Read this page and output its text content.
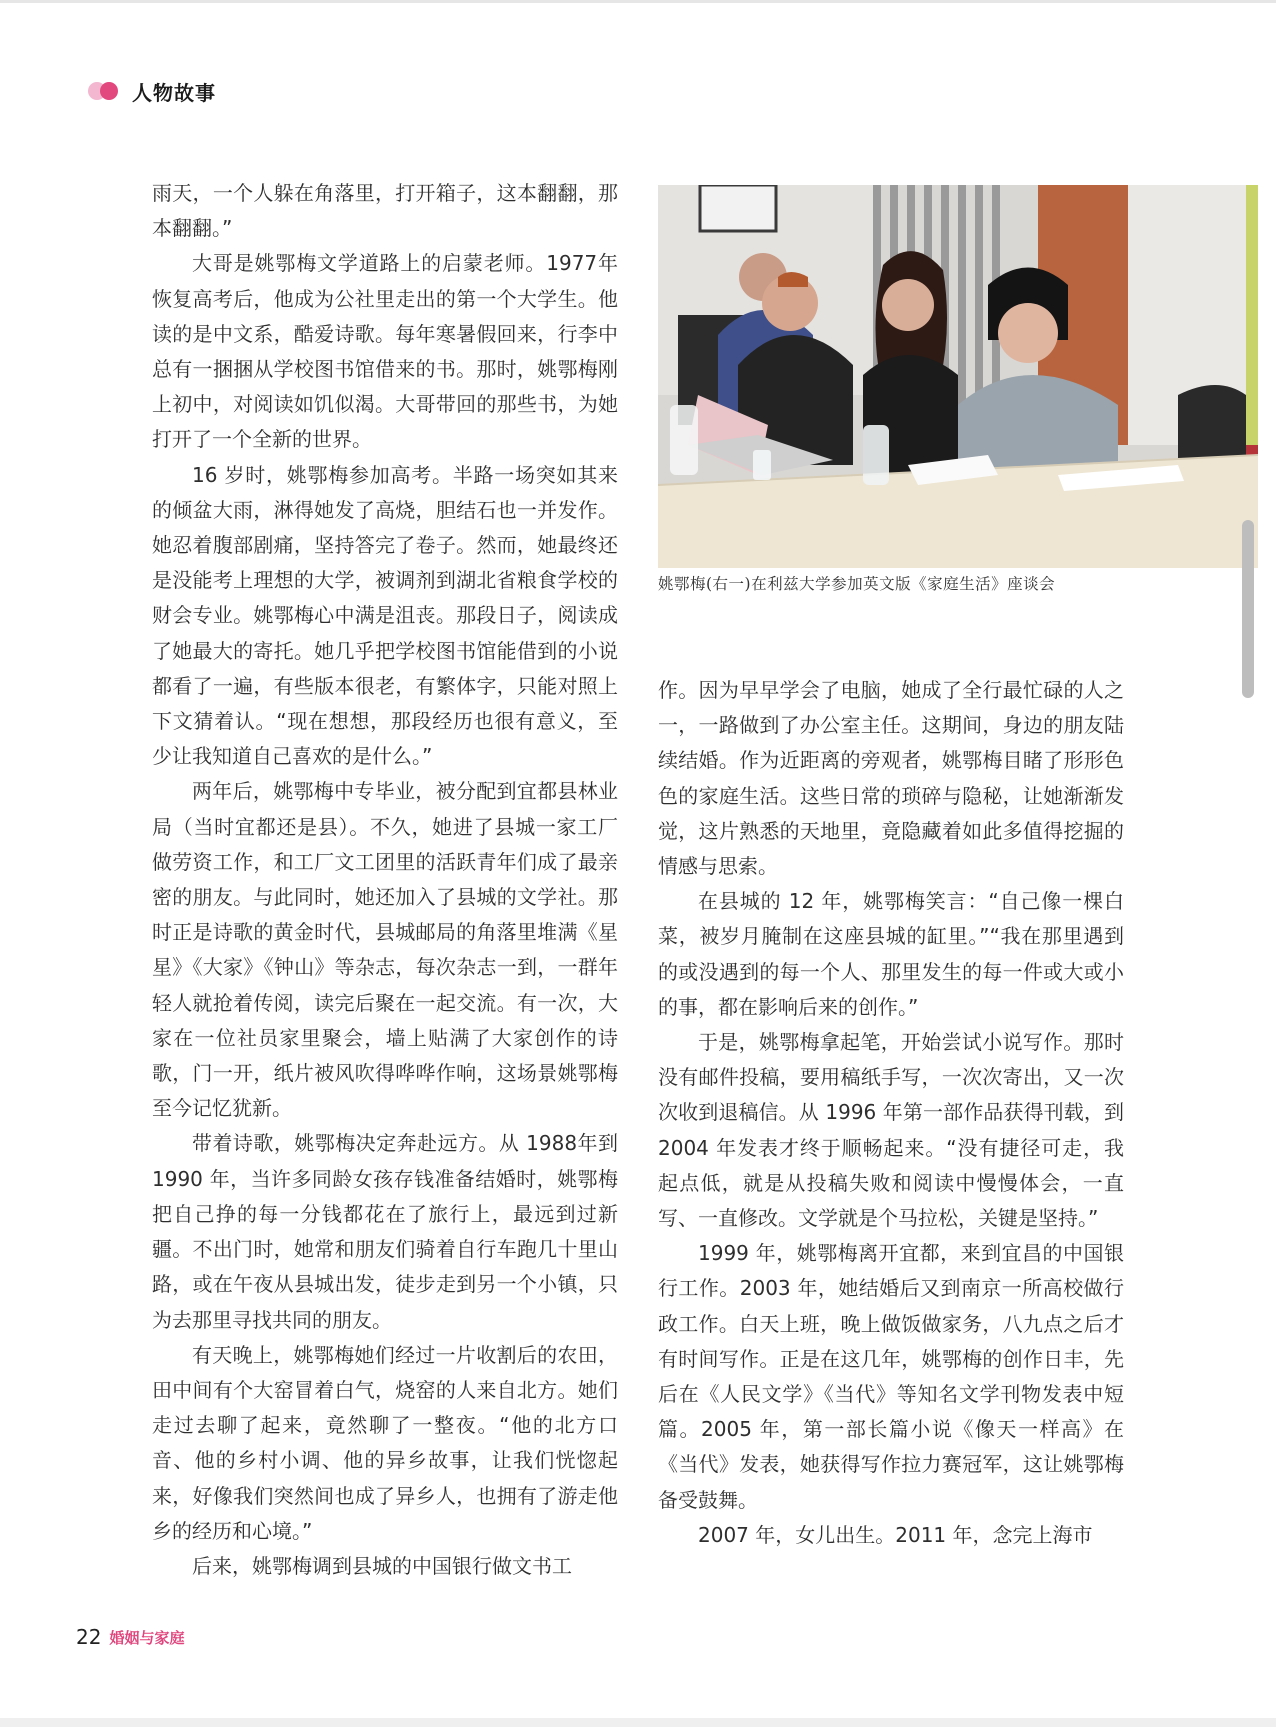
人物故事

雨天，一个人躲在角落里，打开箱子，这本翻翻，那本翻翻。”

大哥是姚鄂梅文学道路上的启蒙老师。1977年恢复高考后，他成为公社里走出的第一个大学生。他读的是中文系，酷爱诗歌。每年寒暑假回来，行李中总有一捆捆从学校图书馆借来的书。那时，姚鄂梅刚上初中，对阅读如饥似渴。大哥带回的那些书，为她打开了一个全新的世界。

16 岁时，姚鄂梅参加高考。半路一场突如其来的倾盆大雨，淋得她发了高烧，胆结石也一并发作。她忍着腹部剧痛，坚持答完了卷子。然而，她最终还是没能考上理想的大学，被调剂到湖北省粮食学校的财会专业。姚鄂梅心中满是沮丧。那段日子，阅读成了她最大的寄托。她几乎把学校图书馆能借到的小说都看了一遍，有些版本很老，有繁体字，只能对照上下文猜着认。“现在想想，那段经历也很有意义，至少让我知道自己喜欢的是什么。”

两年后，姚鄂梅中专毕业，被分配到宜都县林业局（当时宜都还是县）。不久，她进了县城一家工厂做劳资工作，和工厂文工团里的活跃青年们成了最亲密的朋友。与此同时，她还加入了县城的文学社。那时正是诗歌的黄金时代，县城邮局的角落里堆满《星星》《大家》《钟山》等杂志，每次杂志一到，一群年轻人就抢着传阅，读完后聚在一起交流。有一次，大家在一位社员家里聚会，墙上贴满了大家创作的诗歌，门一开，纸片被风吹得哗哗作响，这场景姚鄂梅至今记忆犹新。

带着诗歌，姚鄂梅决定奔赴远方。从 1988年到 1990 年，当许多同龄女孩存钱准备结婚时，姚鄂梅把自己挣的每一分钱都花在了旅行上，最远到过新疆。不出门时，她常和朋友们骑着自行车跑几十里山路，或在午夜从县城出发，徒步走到另一个小镇，只为去那里寻找共同的朋友。

有天晚上，姚鄂梅她们经过一片收割后的农田，田中间有个大窑冒着白气，烧窑的人来自北方。她们走过去聊了起来，竟然聊了一整夜。“他的北方口音、他的乡村小调、他的异乡故事，让我们恍惚起来，好像我们突然间也成了异乡人，也拥有了游走他乡的经历和心境。”

后来，姚鄂梅调到县城的中国银行做文书工

姚鄂梅(右一)在利兹大学参加英文版《家庭生活》座谈会

作。因为早早学会了电脑，她成了全行最忙碌的人之一，一路做到了办公室主任。这期间，身边的朋友陆续结婚。作为近距离的旁观者，姚鄂梅目睹了形形色色的家庭生活。这些日常的琐碎与隐秘，让她渐渐发觉，这片熟悉的天地里，竟隐藏着如此多值得挖掘的情感与思索。

在县城的 12 年，姚鄂梅笑言：“自己像一棵白菜，被岁月腌制在这座县城的缸里。”“我在那里遇到的或没遇到的每一个人、那里发生的每一件或大或小的事，都在影响后来的创作。”

于是，姚鄂梅拿起笔，开始尝试小说写作。那时没有邮件投稿，要用稿纸手写，一次次寄出，又一次次收到退稿信。从 1996 年第一部作品获得刊载，到 2004 年发表才终于顺畅起来。“没有捷径可走，我起点低，就是从投稿失败和阅读中慢慢体会，一直写、一直修改。文学就是个马拉松，关键是坚持。”

1999 年，姚鄂梅离开宜都，来到宜昌的中国银行工作。2003 年，她结婚后又到南京一所高校做行政工作。白天上班，晚上做饭做家务，八九点之后才有时间写作。正是在这几年，姚鄂梅的创作日丰，先后在《人民文学》《当代》等知名文学刊物发表中短篇。2005 年，第一部长篇小说《像天一样高》在《当代》发表，她获得写作拉力赛冠军，这让姚鄂梅备受鼓舞。

2007 年，女儿出生。2011 年，念完上海市

22 婚姻与家庭
